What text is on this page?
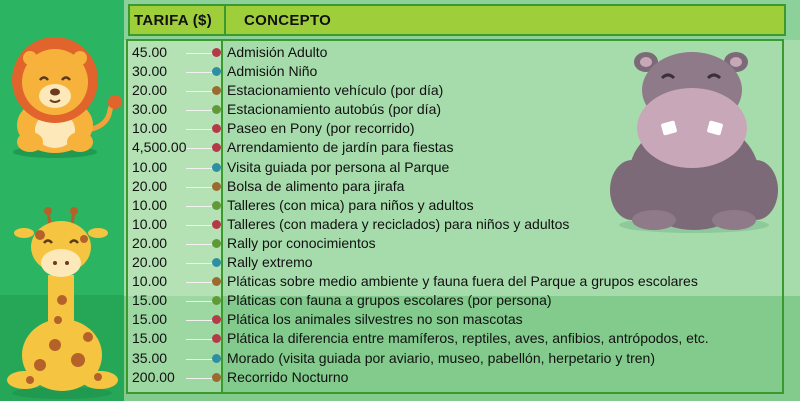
TARIFA ($) CONCEPTO
45.00	Admisión Adulto
30.00	Admisión Niño
20.00	Estacionamiento vehículo (por día)
30.00	Estacionamiento autobús (por día)
10.00	Paseo en Pony (por recorrido)
4,500.00	Arrendamiento de jardín para fiestas
10.00	Visita guiada por persona al Parque
20.00	Bolsa de alimento para jirafa
10.00	Talleres (con mica) para niños y adultos
10.00	Talleres (con madera y reciclados) para niños y adultos
20.00	Rally por conocimientos
20.00	Rally extremo
10.00	Pláticas sobre medio ambiente y fauna fuera del Parque a grupos escolares
15.00	Pláticas con fauna a grupos escolares (por persona)
15.00	Plática los animales silvestres no son mascotas
15.00	Plática la diferencia entre mamíferos, reptiles, aves, anfibios, antrópodos, etc.
35.00	Morado (visita guiada por aviario, museo, pabellón, herpetario y tren)
200.00	Recorrido Nocturno
